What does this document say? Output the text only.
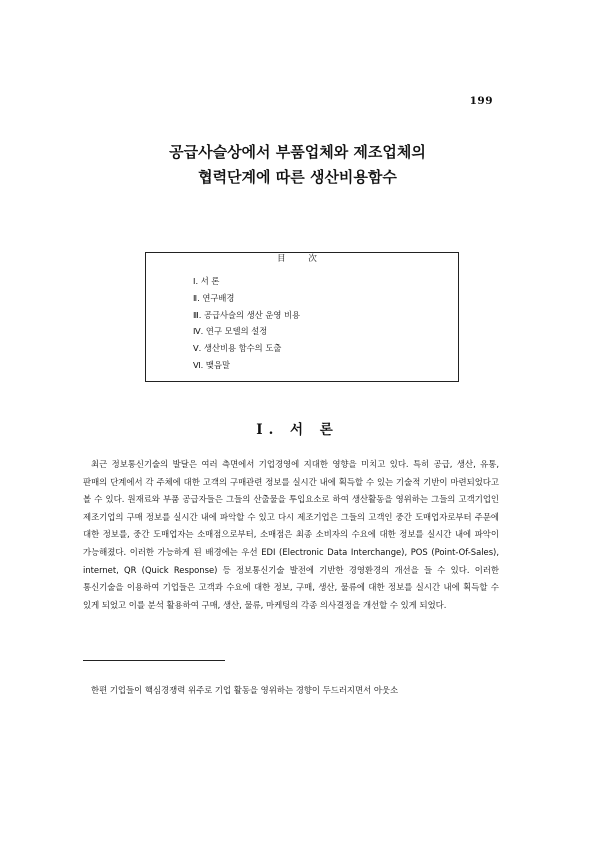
199
공급사슬상에서 부품업체와 제조업체의
협력단계에 따른 생산비용함수
目 次
Ⅰ. 서 론
Ⅱ. 연구배경
Ⅲ. 공급사슬의 생산 운영 비용
Ⅳ. 연구 모델의 설정
Ⅴ. 생산비용 함수의 도출
Ⅵ. 맺음말
Ⅰ. 서 론

최근 정보통신기술의 발달은 여러 측면에서 기업경영에 지대한 영향을 미치고 있다. 특히 공급, 생산, 유통, 판매의 단계에서 각 주체에 대한 고객의 구매관련 정보를 실시간 내에 획득할 수 있는 기술적 기반이 마련되었다고 볼 수 있다. 원재료와 부품 공급자들은 그들의 산출물을 투입요소로 하여 생산활동을 영위하는 그들의 고객기업인 제조기업의 구매 정보를 실시간 내에 파악할 수 있고 다시 제조기업은 그들의 고객인 중간 도매업자로부터 주문에 대한 정보를, 중간 도매업자는 소매점으로부터, 소매점은 최종 소비자의 수요에 대한 정보를 실시간 내에 파악이 가능해졌다. 이러한 가능하게 된 배경에는 우선 EDI (Electronic Data Interchange), POS (Point-Of-Sales), internet, QR (Quick Response) 등 정보통신기술 발전에 기반한 경영환경의 개선을 들 수 있다. 이러한 통신기술을 이용하여 기업들은 고객과 수요에 대한 정보, 구매, 생산, 물류에 대한 정보를 실시간 내에 획득할 수 있게 되었고 이를 분석 활용하여 구매, 생산, 물류, 마케팅의 각종 의사결정을 개선할 수 있게 되었다.

한편 기업들이 핵심경쟁력 위주로 기업 활동을 영위하는 경향이 두드러지면서 아웃소
